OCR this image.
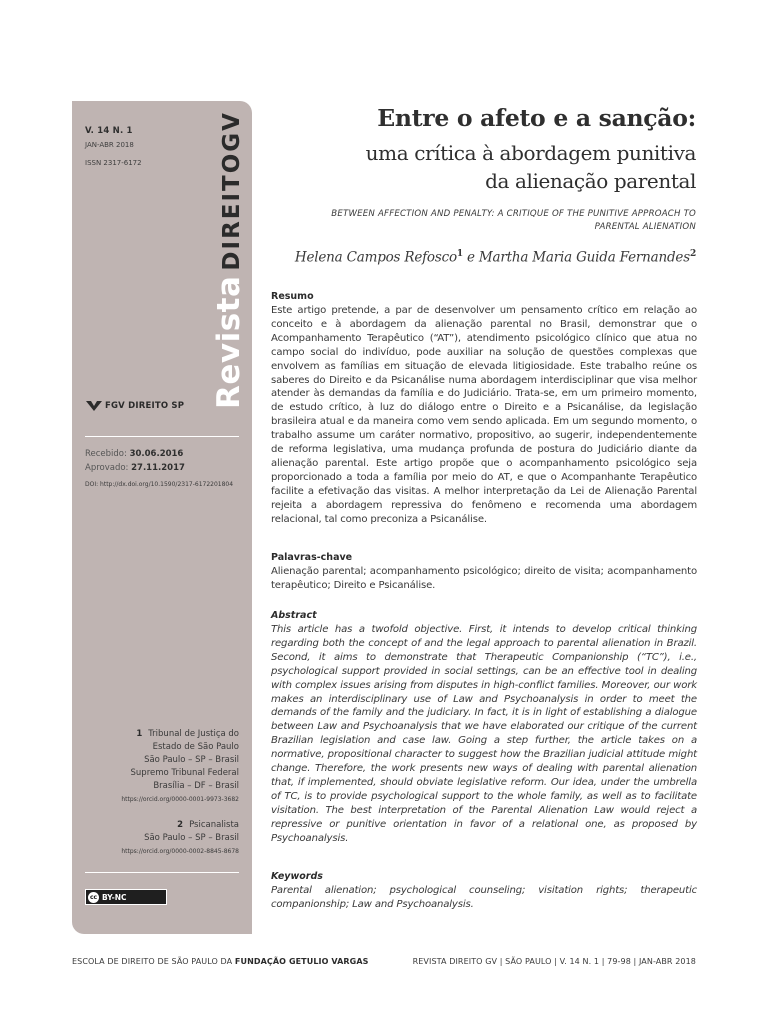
V. 14 N. 1
JAN-ABR 2018
ISSN 2317-6172
RevistaDIREITOGV
FGV DIREITO SP
Recebido: 30.06.2016
Aprovado: 27.11.2017
DOI: http://dx.doi.org/10.1590/2317-6172201804
1 Tribunal de Justiça do
Estado de São Paulo
São Paulo – SP – Brasil
Supremo Tribunal Federal
Brasília – DF – Brasil
https://orcid.org/0000-0001-9973-3682
2 Psicanalista
São Paulo – SP – Brasil
https://orcid.org/0000-0002-8845-8678
cc BY-NC
Entre o afeto e a sanção:
uma crítica à abordagem punitiva
da alienação parental
BETWEEN AFFECTION AND PENALTY: A CRITIQUE OF THE PUNITIVE APPROACH TO
PARENTAL ALIENATION
Helena Campos Refosco$^1$ e Martha Maria Guida Fernandes$^2$
Resumo
Este artigo pretende, a par de desenvolver um pensamento crítico em relação ao conceito e à abordagem da alienação parental no Brasil, demonstrar que o Acompanhamento Terapêutico (“AT”), atendimento psicológico clínico que atua no campo social do indivíduo, pode auxiliar na solução de questões complexas que envolvem as famílias em situação de elevada litigiosidade. Este trabalho reúne os saberes do Direito e da Psicanálise numa abordagem interdisciplinar que visa melhor atender às demandas da família e do Judiciário. Trata-se, em um primeiro momento, de estudo crítico, à luz do diálogo entre o Direito e a Psicanálise, da legislação brasileira atual e da maneira como vem sendo aplicada. Em um segundo momento, o trabalho assume um caráter normativo, propositivo, ao sugerir, independentemente de reforma legislativa, uma mudança profunda de postura do Judiciário diante da alienação parental. Este artigo propõe que o acompanhamento psicológico seja proporcionado a toda a família por meio do AT, e que o Acompanhante Terapêutico facilite a efetivação das visitas. A melhor interpretação da Lei de Alienação Parental rejeita a abordagem repressiva do fenômeno e recomenda uma abordagem relacional, tal como preconiza a Psicanálise.
Palavras-chave
Alienação parental; acompanhamento psicológico; direito de visita; acompanhamento terapêutico; Direito e Psicanálise.
Abstract
This article has a twofold objective. First, it intends to develop critical thinking regarding both the concept of and the legal approach to parental alienation in Brazil. Second, it aims to demonstrate that Therapeutic Companionship (“TC”), i.e., psychological support provided in social settings, can be an effective tool in dealing with complex issues arising from disputes in high-conflict families. Moreover, our work makes an interdisciplinary use of Law and Psychoanalysis in order to meet the demands of the family and the judiciary. In fact, it is in light of establishing a dialogue between Law and Psychoanalysis that we have elaborated our critique of the current Brazilian legislation and case law. Going a step further, the article takes on a normative, propositional character to suggest how the Brazilian judicial attitude might change. Therefore, the work presents new ways of dealing with parental alienation that, if implemented, should obviate legislative reform. Our idea, under the umbrella of TC, is to provide psychological support to the whole family, as well as to facilitate visitation. The best interpretation of the Parental Alienation Law would reject a repressive or punitive orientation in favor of a relational one, as proposed by Psychoanalysis.
Keywords
Parental alienation; psychological counseling; visitation rights; therapeutic companionship; Law and Psychoanalysis.
ESCOLA DE DIREITO DE SÃO PAULO DA FUNDAÇÃO GETULIO VARGAS	REVISTA DIREITO GV | SÃO PAULO | V. 14 N. 1 | 79-98 | JAN-ABR 2018
